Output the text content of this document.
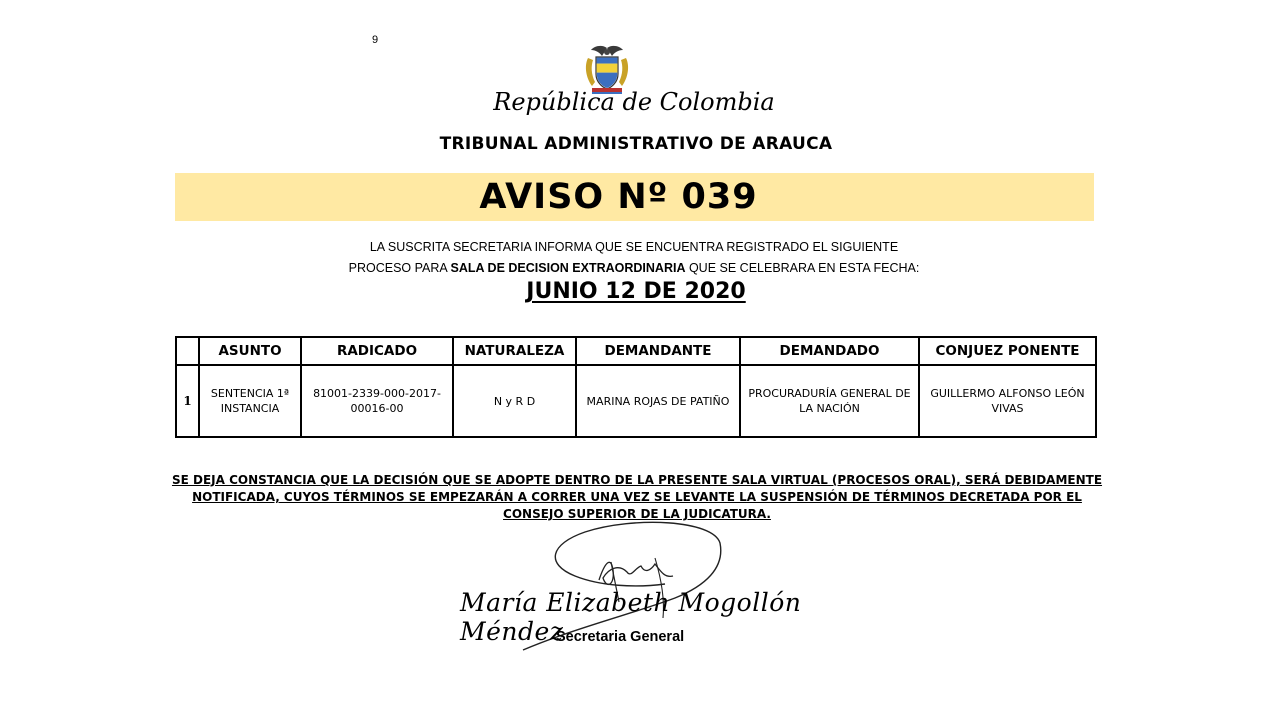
9
República de Colombia
TRIBUNAL ADMINISTRATIVO DE ARAUCA
AVISO Nº 039
LA SUSCRITA SECRETARIA INFORMA QUE SE ENCUENTRA REGISTRADO EL SIGUIENTE
PROCESO PARA SALA DE DECISION EXTRAORDINARIA QUE SE CELEBRARA EN ESTA FECHA:
JUNIO 12 DE 2020
	ASUNTO	RADICADO	NATURALEZA	DEMANDANTE	DEMANDADO	CONJUEZ PONENTE
1	SENTENCIA 1ª INSTANCIA	81001-2339-000-2017-00016-00	N y R D	MARINA ROJAS DE PATIÑO	PROCURADURÍA GENERAL DE LA NACIÓN	GUILLERMO ALFONSO LEÓN VIVAS
SE DEJA CONSTANCIA QUE LA DECISIÓN QUE SE ADOPTE DENTRO DE LA PRESENTE SALA VIRTUAL (PROCESOS ORAL), SERÁ DEBIDAMENTE
NOTIFICADA, CUYOS TÉRMINOS SE EMPEZARÁN A CORRER UNA VEZ SE LEVANTE LA SUSPENSIÓN DE TÉRMINOS DECRETADA POR EL
CONSEJO SUPERIOR DE LA JUDICATURA.
María Elizabeth Mogollón Méndez
Secretaria General
